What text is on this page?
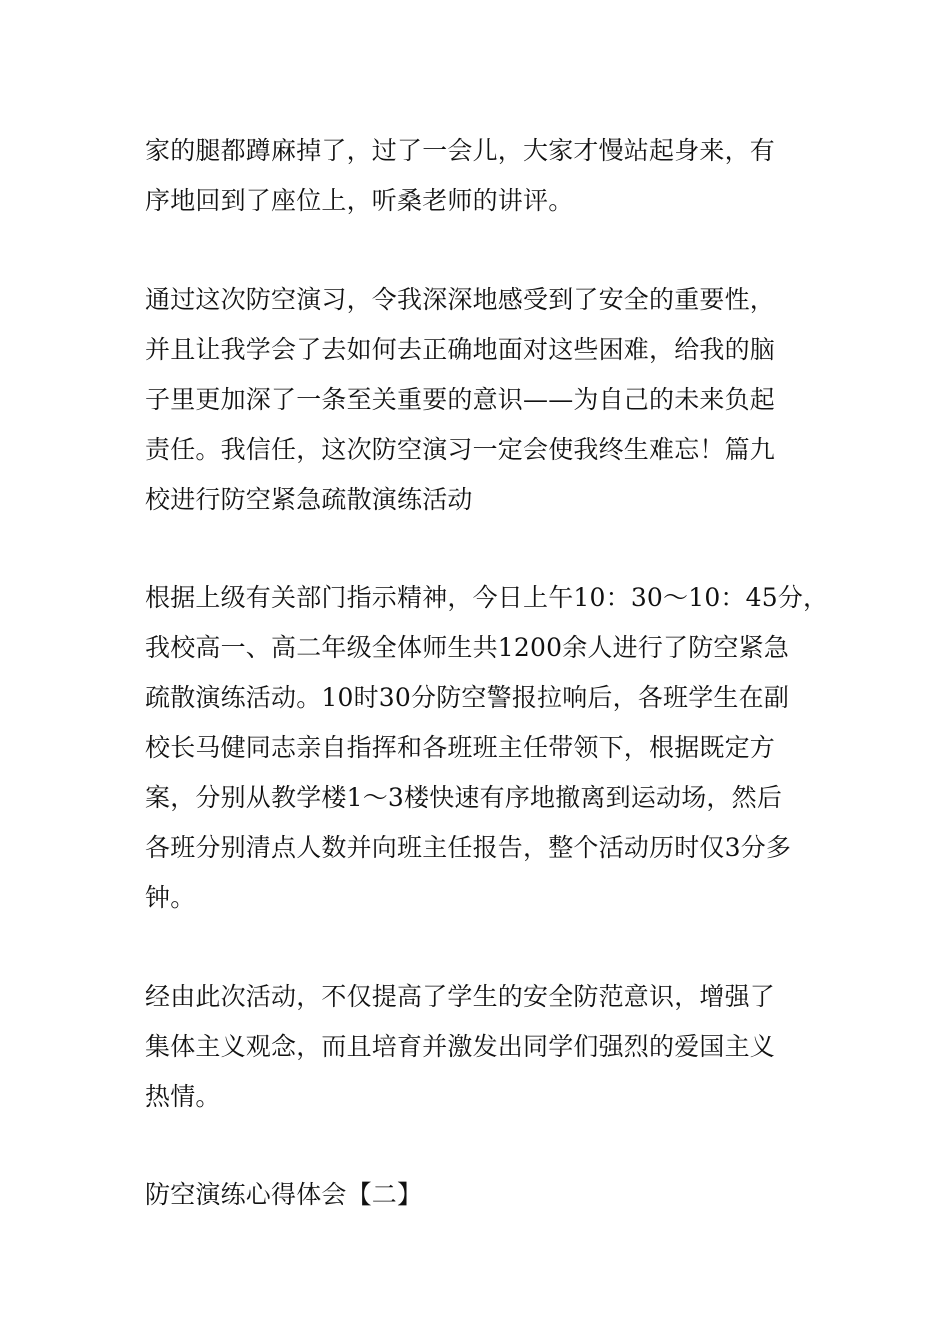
家的腿都蹲麻掉了，过了一会儿，大家才慢站起身来，有
序地回到了座位上，听桑老师的讲评。
通过这次防空演习，令我深深地感受到了安全的重要性，
并且让我学会了去如何去正确地面对这些困难，给我的脑
子里更加深了一条至关重要的意识——为自己的未来负起
责任。我信任，这次防空演习一定会使我终生难忘！篇九
校进行防空紧急疏散演练活动
根据上级有关部门指示精神，今日上午10：30～10：45分，
我校高一、高二年级全体师生共1200余人进行了防空紧急
疏散演练活动。10时30分防空警报拉响后，各班学生在副
校长马健同志亲自指挥和各班班主任带领下，根据既定方
案，分别从教学楼1～3楼快速有序地撤离到运动场，然后
各班分别清点人数并向班主任报告，整个活动历时仅3分多
钟。
经由此次活动，不仅提高了学生的安全防范意识，增强了
集体主义观念，而且培育并激发出同学们强烈的爱国主义
热情。
防空演练心得体会【二】
